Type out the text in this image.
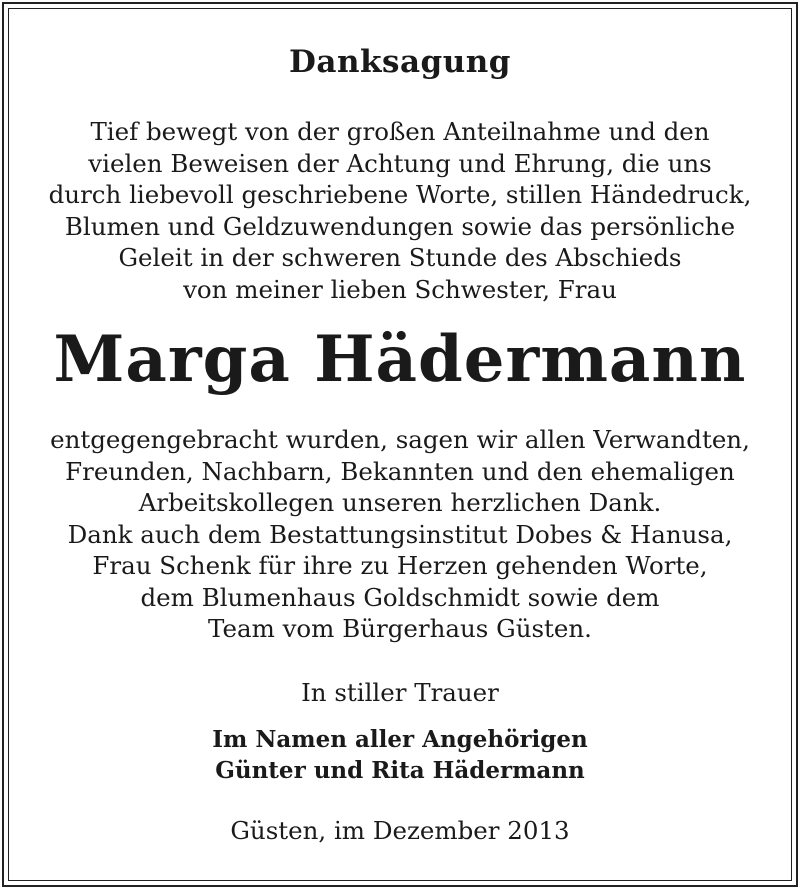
Danksagung
Tief bewegt von der großen Anteilnahme und den
vielen Beweisen der Achtung und Ehrung, die uns
durch liebevoll geschriebene Worte, stillen Händedruck,
Blumen und Geldzuwendungen sowie das persönliche
Geleit in der schweren Stunde des Abschieds
von meiner lieben Schwester, Frau
Marga Hädermann
entgegengebracht wurden, sagen wir allen Verwandten,
Freunden, Nachbarn, Bekannten und den ehemaligen
Arbeitskollegen unseren herzlichen Dank.
Dank auch dem Bestattungsinstitut Dobes & Hanusa,
Frau Schenk für ihre zu Herzen gehenden Worte,
dem Blumenhaus Goldschmidt sowie dem
Team vom Bürgerhaus Güsten.
In stiller Trauer
Im Namen aller Angehörigen
Günter und Rita Hädermann
Güsten, im Dezember 2013
